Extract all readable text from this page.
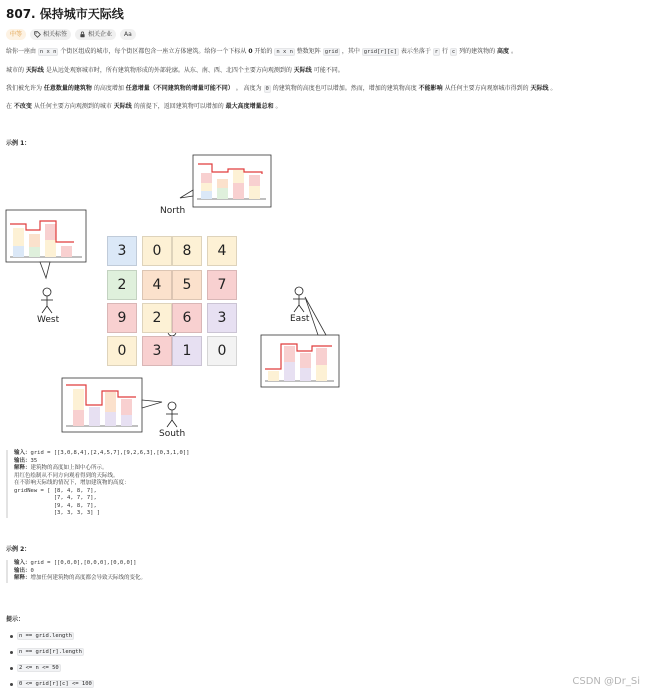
807. 保持城市天际线
中等	相关标签	相关企业 Aa
给你一座由 n x n 个街区组成的城市，每个街区都包含一座立方体建筑。给你一个下标从 0 开始的 n x n 整数矩阵 grid ，其中 grid[r][c] 表示坐落于 r 行 c 列的建筑物的 高度 。
城市的 天际线 是从远处观察城市时，所有建筑物形成的外部轮廓。从东、南、西、北四个主要方向观测到的 天际线 可能不同。
我们被允许为 任意数量的建筑物 的高度增加 任意增量（不同建筑物的增量可能不同） 。 高度为 0 的建筑物的高度也可以增加。然而，增加的建筑物高度 不能影响 从任何主要方向观察城市得到的 天际线 。
在 不改变 从任何主要方向观测到的城市 天际线 的前提下，返回建筑物可以增加的 最大高度增量总和 。
示例 1：
North
West	East
South
3	0	8	4
2	4	5	7
9	2	6	3
0	3	1	0
输入：grid = [[3,0,8,4],[2,4,5,7],[9,2,6,3],[0,3,1,0]]
输出：35
解释：建筑物的高度如上图中心所示。
用红色绘制从不同方向观看得到的天际线。
在不影响天际线的情况下，增加建筑物的高度：
gridNew = [ [8, 4, 8, 7],
[7, 4, 7, 7],
[9, 4, 8, 7],
[3, 3, 3, 3] ]
示例 2：
输入：grid = [[0,0,0],[0,0,0],[0,0,0]]
输出：0
解释：增加任何建筑物的高度都会导致天际线的变化。
提示：
n == grid.length
n == grid[r].length
2 <= n <= 50
0 <= grid[r][c] <= 100	CSDN @Dr_Si
